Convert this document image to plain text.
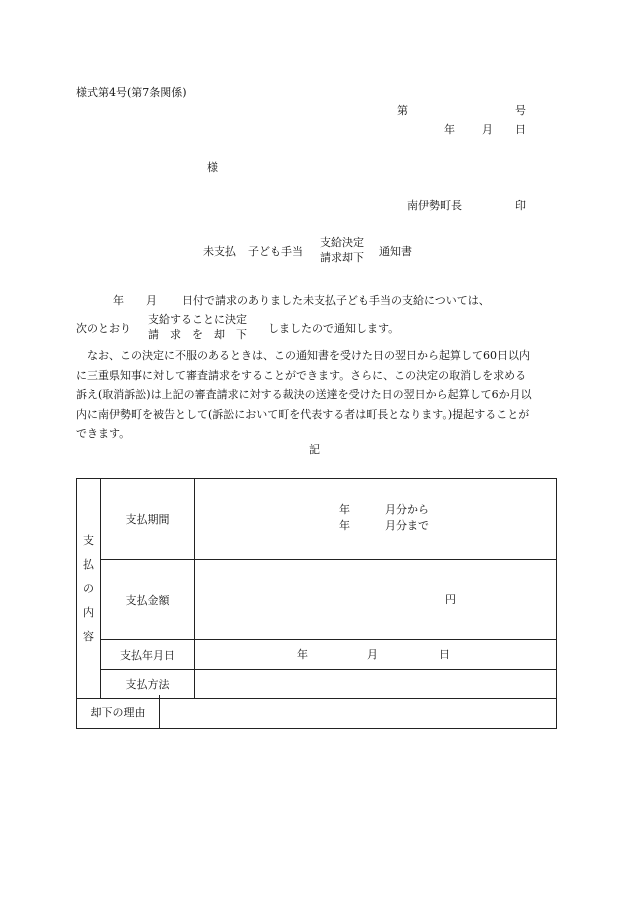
様式第4号(第7条関係)
第	号
年 月 日
様
南伊勢町長	印
未支払 子ども手当
支給決定
請求却下 通知書
年 月 日付で請求のありました未支払子ども手当の支給については、
次のとおり
支給することに決定
請　求　を　却　下 しましたので通知します。

なお、この決定に不服のあるときは、この通知書を受けた日の翌日から起算して60日以内に三重県知事に対して審査請求をすることができます。さらに、この決定の取消しを求める訴え(取消訴訟)は上記の審査請求に対する裁決の送達を受けた日の翌日から起算して6か月以内に南伊勢町を被告として(訴訟において町を代表する者は町長となります。)提起することができます。

記
支
払
の
内
容	支払期間	年 月分から
年 月分まで

	支払金額	円

	支払年月日	年 月 日

	支払方法	
却下の理由
